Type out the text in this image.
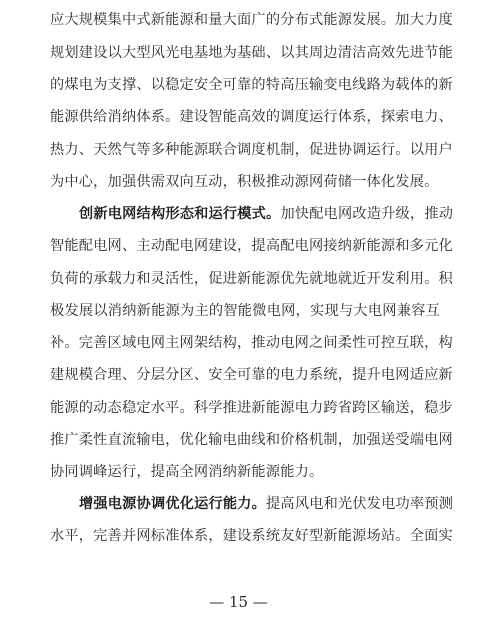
应大规模集中式新能源和量大面广的分布式能源发展。加大力度
规划建设以大型风光电基地为基础、以其周边清洁高效先进节能
的煤电为支撑、以稳定安全可靠的特高压输变电线路为载体的新
能源供给消纳体系。建设智能高效的调度运行体系，探索电力、
热力、天然气等多种能源联合调度机制，促进协调运行。以用户
为中心，加强供需双向互动，积极推动源网荷储一体化发展。
创新电网结构形态和运行模式。加快配电网改造升级，推动
智能配电网、主动配电网建设，提高配电网接纳新能源和多元化
负荷的承载力和灵活性，促进新能源优先就地就近开发利用。积
极发展以消纳新能源为主的智能微电网，实现与大电网兼容互
补。完善区域电网主网架结构，推动电网之间柔性可控互联，构
建规模合理、分层分区、安全可靠的电力系统，提升电网适应新
能源的动态稳定水平。科学推进新能源电力跨省跨区输送，稳步
推广柔性直流输电，优化输电曲线和价格机制，加强送受端电网
协同调峰运行，提高全网消纳新能源能力。
增强电源协调优化运行能力。提高风电和光伏发电功率预测
水平，完善并网标准体系，建设系统友好型新能源场站。全面实
— 15 —
